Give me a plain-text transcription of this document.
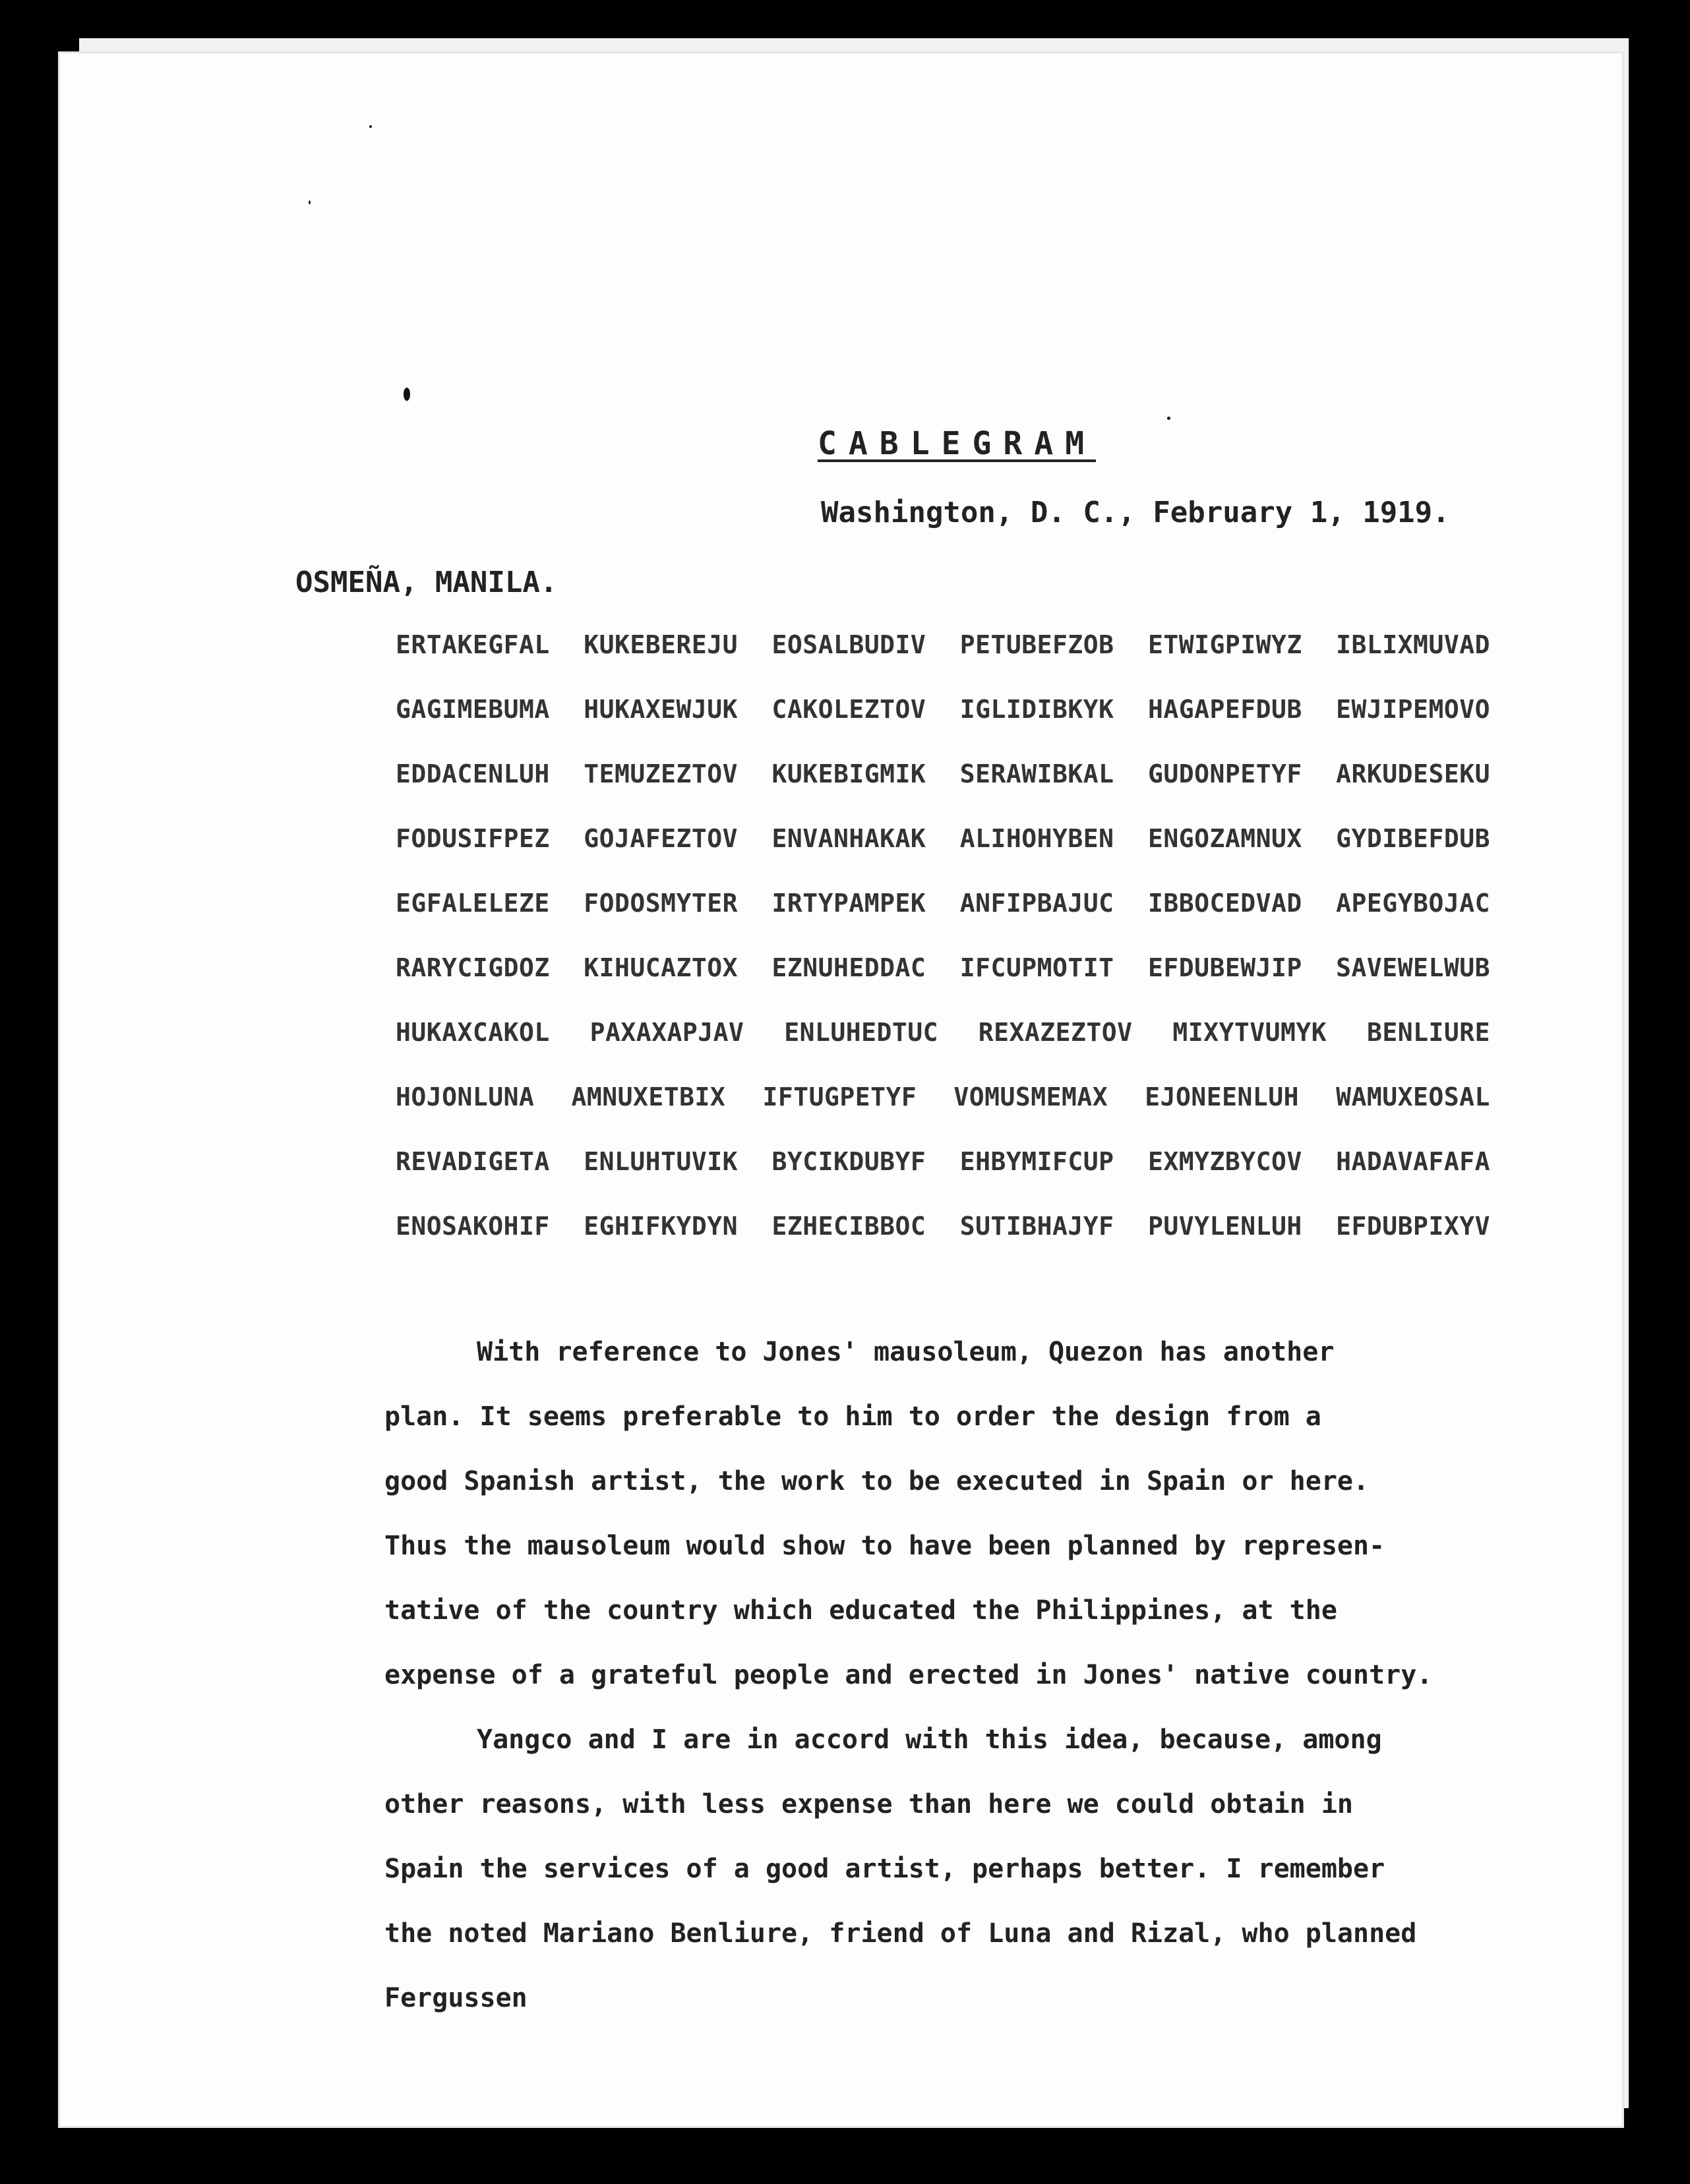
CABLEGRAM
Washington, D. C., February 1, 1919.
OSMEÑA, MANILA.
ERTAKEGFAL KUKEBEREJU EOSALBUDIV PETUBEFZOB ETWIGPIWYZ IBLIXMUVAD
GAGIMEBUMA HUKAXEWJUK CAKOLEZTOV IGLIDIBKYK HAGAPEFDUB EWJIPEMOVO
EDDACENLUH TEMUZEZTOV KUKEBIGMIK SERAWIBKAL GUDONPETYF ARKUDESEKU
FODUSIFPEZ GOJAFEZTOV ENVANHAKAK ALIHOHYBEN ENGOZAMNUX GYDIBEFDUB
EGFALELEZE FODOSMYTER IRTYPAMPEK ANFIPBAJUC IBBOCEDVAD APEGYBOJAC
RARYCIGDOZ KIHUCAZTOX EZNUHEDDAC IFCUPMOTIT EFDUBEWJIP SAVEWELWUB
HUKAXCAKOL PAXAXAPJAV ENLUHEDTUC REXAZEZTOV MIXYTVUMYK BENLIURE
HOJONLUNA AMNUXETBIX IFTUGPETYF VOMUSMEMAX EJONEENLUH WAMUXEOSAL
REVADIGETA ENLUHTUVIK BYCIKDUBYF EHBYMIFCUP EXMYZBYCOV HADAVAFAFA
ENOSAKOHIF EGHIFKYDYN EZHECIBBOC SUTIBHAJYF PUVYLENLUH EFDUBPIXYV
With reference to Jones' mausoleum, Quezon has another
plan. It seems preferable to him to order the design from a
good Spanish artist, the work to be executed in Spain or here.
Thus the mausoleum would show to have been planned by represen-
tative of the country which educated the Philippines, at the
expense of a grateful people and erected in Jones' native country.
Yangco and I are in accord with this idea, because, among
other reasons, with less expense than here we could obtain in
Spain the services of a good artist, perhaps better. I remember
the noted Mariano Benliure, friend of Luna and Rizal, who planned
Fergussen
